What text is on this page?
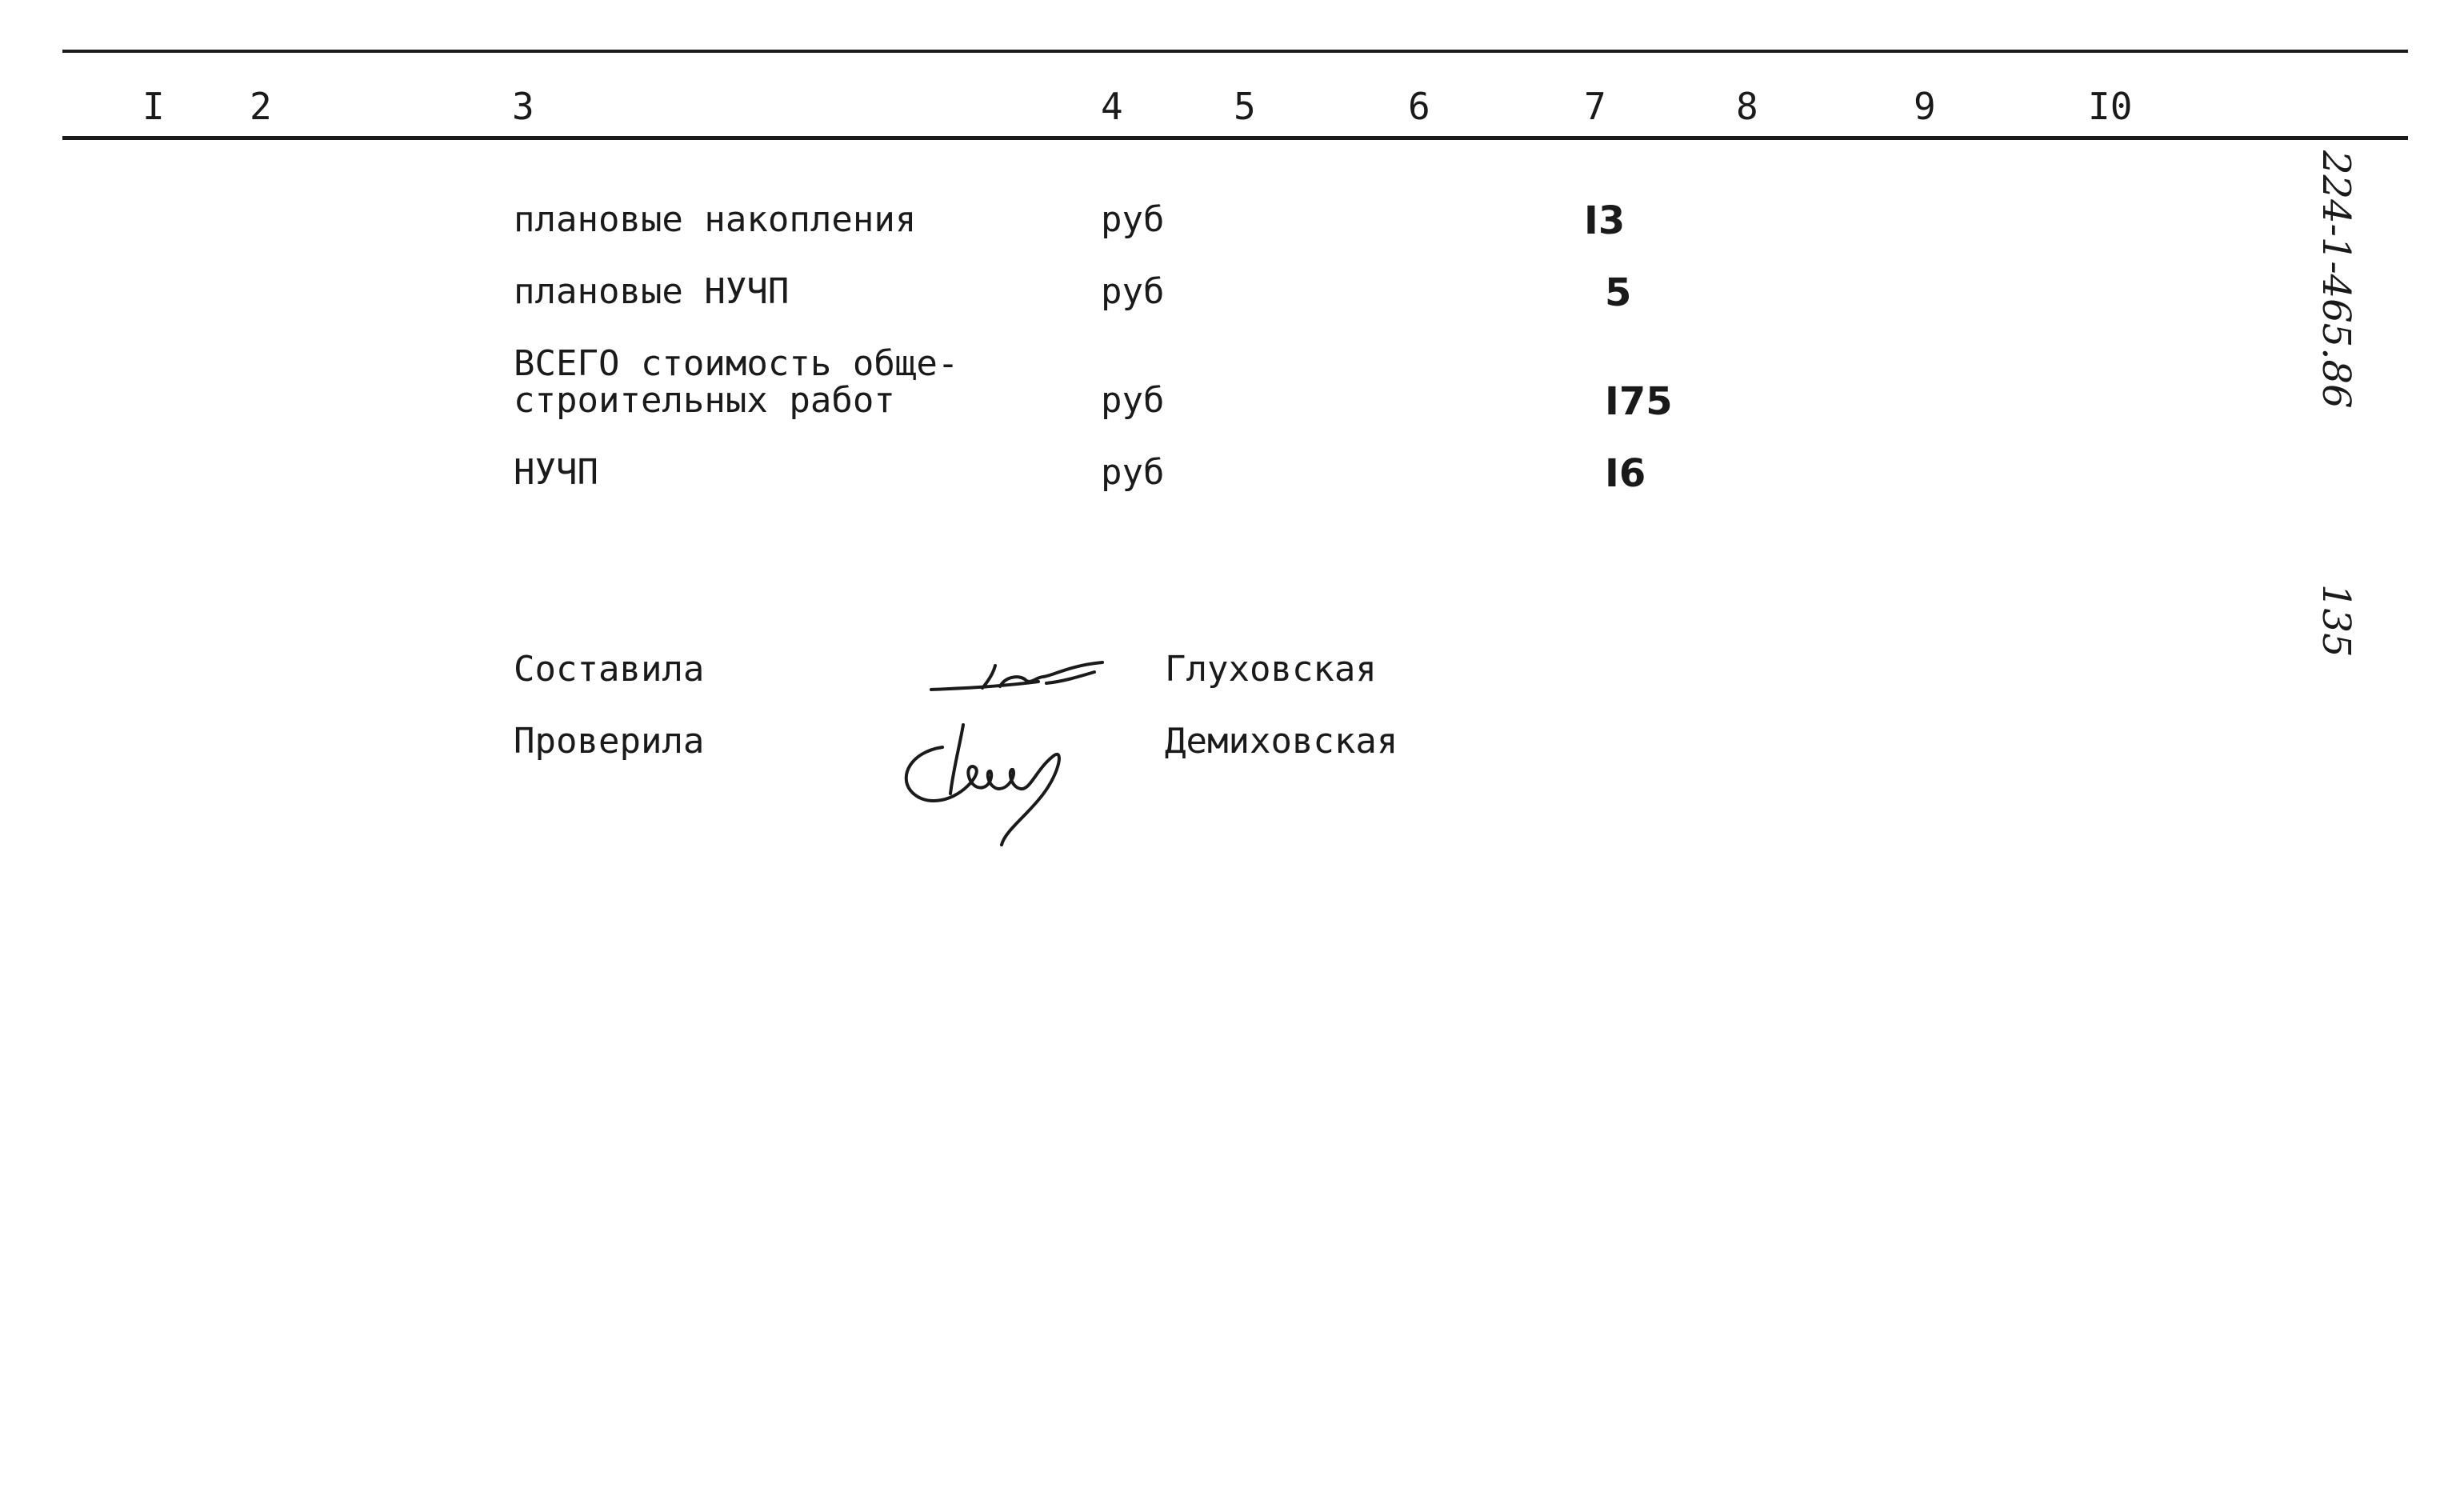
I 2	3	4	5	6	7	8	9	I0
плановые накопления	руб	I3
плановые НУЧП	руб	5
ВСЕГО стоимость обще-
строительных работ	руб	I75
НУЧП	руб	I6
Составила	Глуховская
Проверила	Демиховская
224-1-465.86
135
